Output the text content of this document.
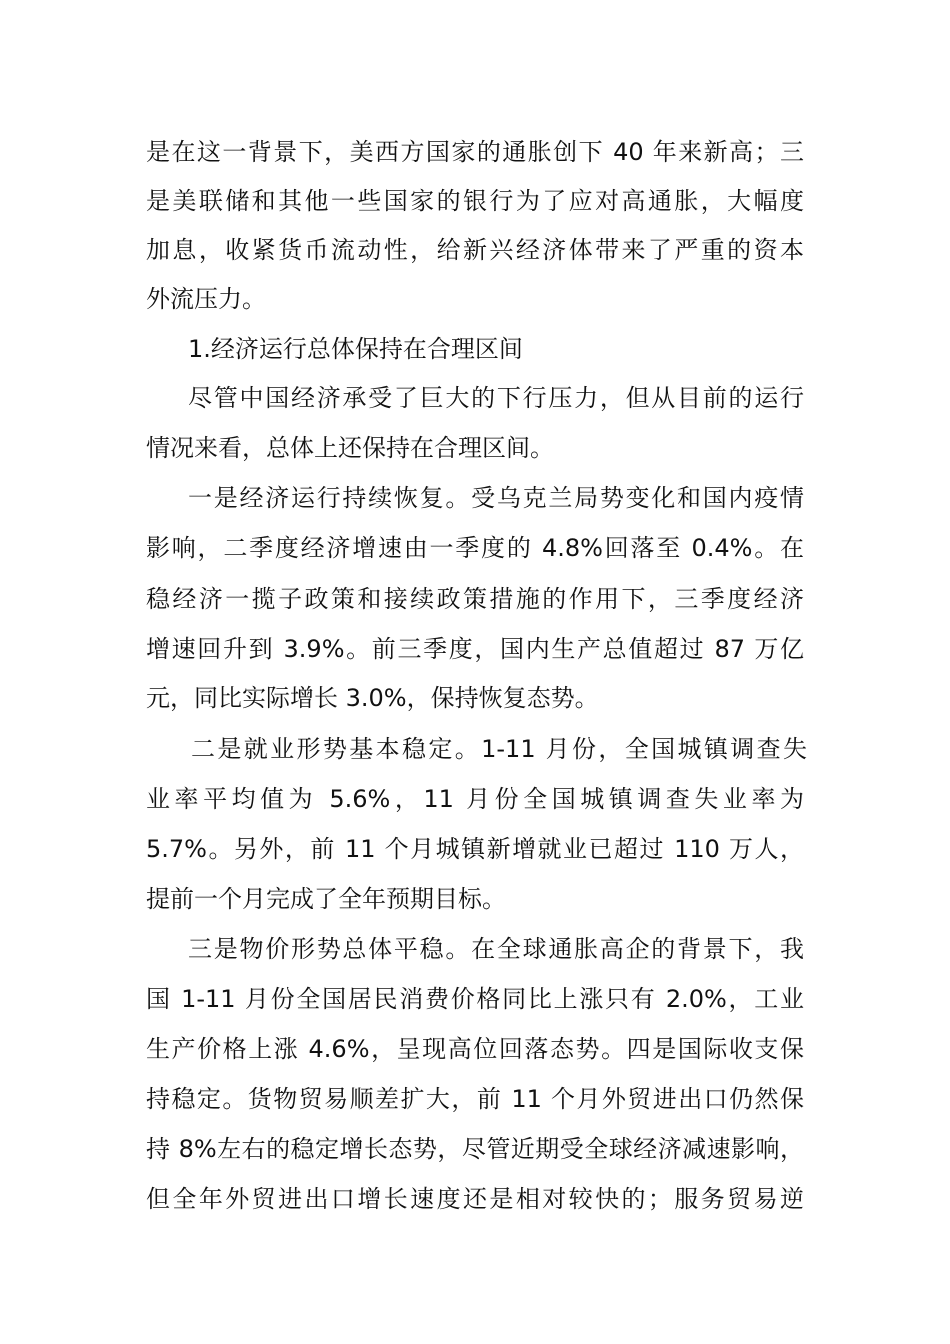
是在这一背景下，美西方国家的通胀创下 40 年来新高；三
是美联储和其他一些国家的银行为了应对高通胀，大幅度
加息，收紧货币流动性，给新兴经济体带来了严重的资本
外流压力。
1.经济运行总体保持在合理区间
尽管中国经济承受了巨大的下行压力，但从目前的运行
情况来看，总体上还保持在合理区间。
一是经济运行持续恢复。受乌克兰局势变化和国内疫情
影响，二季度经济增速由一季度的 4.8%回落至 0.4%。在
稳经济一揽子政策和接续政策措施的作用下，三季度经济
增速回升到 3.9%。前三季度，国内生产总值超过 87 万亿
元，同比实际增长 3.0%，保持恢复态势。
二是就业形势基本稳定。1-11 月份，全国城镇调查失
业率平均值为 5.6%，11 月份全国城镇调查失业率为
5.7%。另外，前 11 个月城镇新增就业已超过 110 万人，
提前一个月完成了全年预期目标。
三是物价形势总体平稳。在全球通胀高企的背景下，我
国 1-11 月份全国居民消费价格同比上涨只有 2.0%，工业
生产价格上涨 4.6%，呈现高位回落态势。四是国际收支保
持稳定。货物贸易顺差扩大，前 11 个月外贸进出口仍然保
持 8%左右的稳定增长态势，尽管近期受全球经济减速影响，
但全年外贸进出口增长速度还是相对较快的；服务贸易逆
